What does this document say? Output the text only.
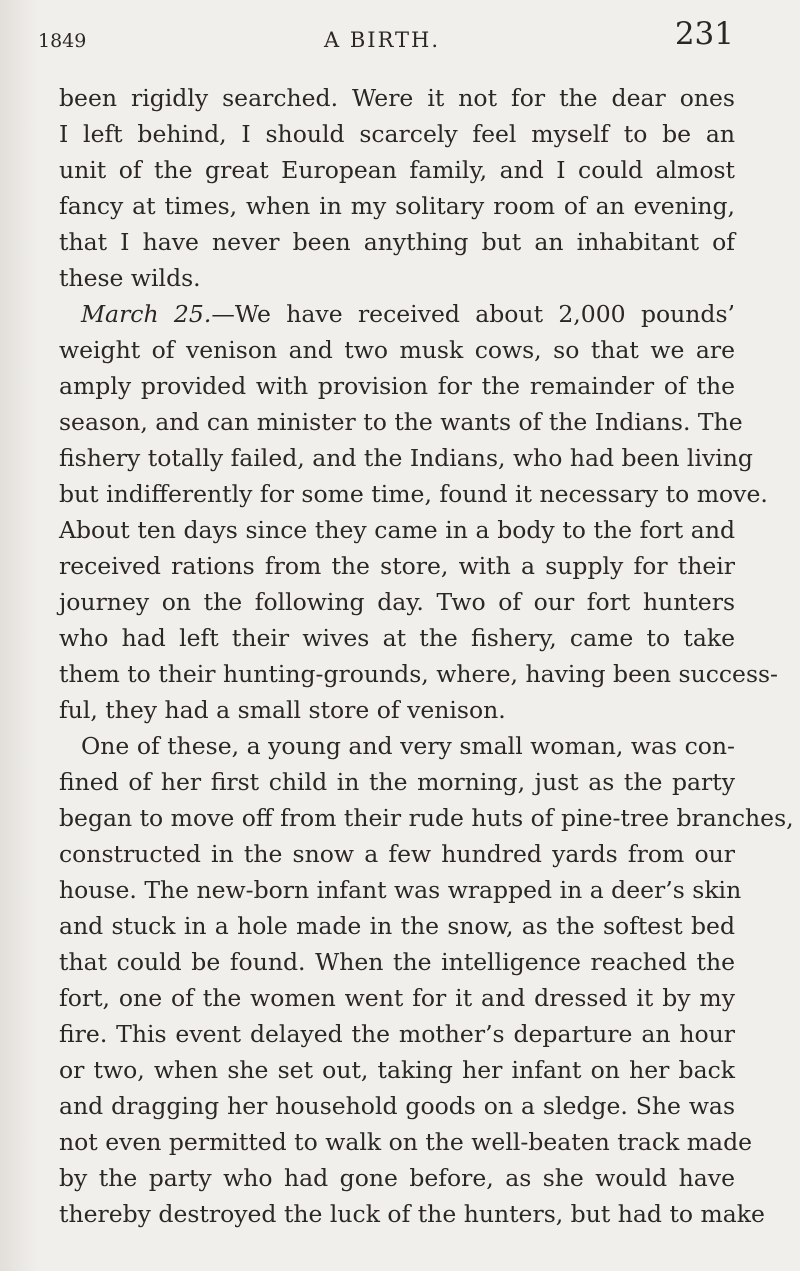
1849	A BIRTH.	231
been rigidly searched. Were it not for the dear ones
I left behind, I should scarcely feel myself to be an
unit of the great European family, and I could almost
fancy at times, when in my solitary room of an evening,
that I have never been anything but an inhabitant of
these wilds.
March 25.—We have received about 2,000 pounds’
weight of venison and two musk cows, so that we are
amply provided with provision for the remainder of the
season, and can minister to the wants of the Indians. The
fishery totally failed, and the Indians, who had been living
but indifferently for some time, found it necessary to move.
About ten days since they came in a body to the fort and
received rations from the store, with a supply for their
journey on the following day. Two of our fort hunters
who had left their wives at the fishery, came to take
them to their hunting-grounds, where, having been success-
ful, they had a small store of venison.
One of these, a young and very small woman, was con-
fined of her first child in the morning, just as the party
began to move off from their rude huts of pine-tree branches,
constructed in the snow a few hundred yards from our
house. The new-born infant was wrapped in a deer’s skin
and stuck in a hole made in the snow, as the softest bed
that could be found. When the intelligence reached the
fort, one of the women went for it and dressed it by my
fire. This event delayed the mother’s departure an hour
or two, when she set out, taking her infant on her back
and dragging her household goods on a sledge. She was
not even permitted to walk on the well-beaten track made
by the party who had gone before, as she would have
thereby destroyed the luck of the hunters, but had to make
